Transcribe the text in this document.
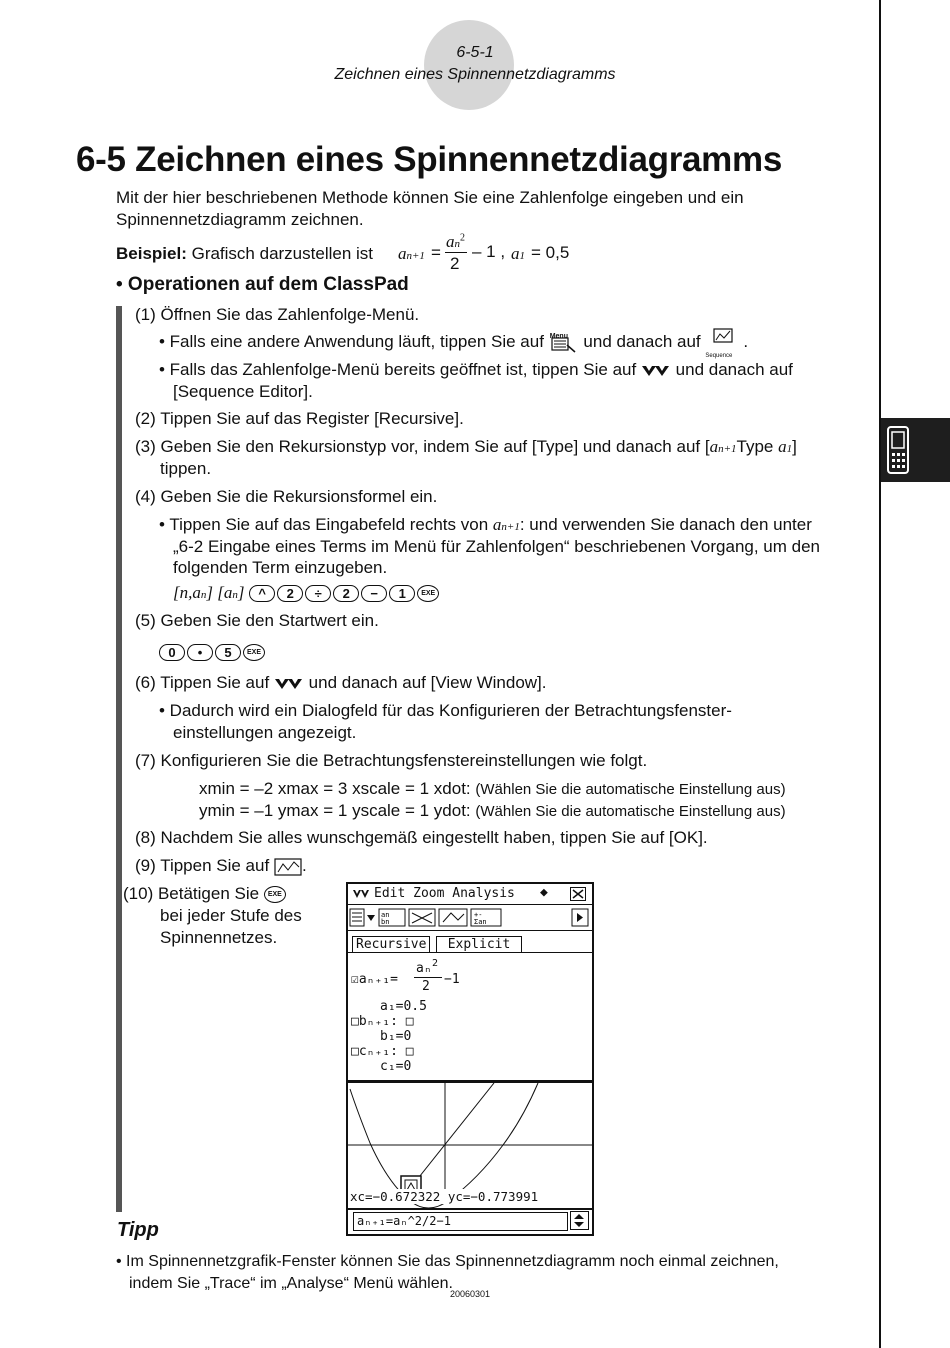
6-5-1
Zeichnen eines Spinnennetzdiagramms
6-5 Zeichnen eines Spinnennetzdiagramms
Mit der hier beschriebenen Methode können Sie eine Zahlenfolge eingeben und ein
Spinnennetzdiagramm zeichnen.
Beispiel: Grafisch darzustellen ist an+1 =
$an^2$
2
– 1 , a1 = 0,5
• Operationen auf dem ClassPad
(1) Öffnen Sie das Zahlenfolge-Menü.
• Falls eine andere Anwendung läuft, tippen Sie auf Menu und danach auf
Sequence
.
• Falls das Zahlenfolge-Menü bereits geöffnet ist, tippen Sie auf und danach auf
[Sequence Editor].
(2) Tippen Sie auf das Register [Recursive].
(3) Geben Sie den Rekursionstyp vor, indem Sie auf [Type] und danach auf [an+1Type a1]
tippen.
(4) Geben Sie die Rekursionsformel ein.
• Tippen Sie auf das Eingabefeld rechts von an+1: und verwenden Sie danach den unter
„6-2 Eingabe eines Terms im Menü für Zahlenfolgen“ beschriebenen Vorgang, um den
folgenden Term einzugeben.
[n,an] [an] ^ 2 ÷ 2 − 1 EXE
(5) Geben Sie den Startwert ein.
0 • 5 EXE
(6) Tippen Sie auf und danach auf [View Window].
• Dadurch wird ein Dialogfeld für das Konfigurieren der Betrachtungsfenster-
einstellungen angezeigt.
(7) Konfigurieren Sie die Betrachtungsfenstereinstellungen wie folgt.
xmin = –2 xmax = 3 xscale = 1 xdot: (Wählen Sie die automatische Einstellung aus)
ymin = –1 ymax = 1 yscale = 1 ydot: (Wählen Sie die automatische Einstellung aus)
(8) Nachdem Sie alles wunschgemäß eingestellt haben, tippen Sie auf [OK].
(9) Tippen Sie auf .
(10) Betätigen Sie EXE
bei jeder Stufe des
Spinnennetzes.
Edit Zoom Analysis ◆
an
bn
+-
Σan
Recursive	Explicit
☑aₙ₊₁=
aₙ 2
2 −1
a₁=0.5
□bₙ₊₁: □
b₁=0
□cₙ₊₁: □
c₁=0
xc=−0.672322 yc=−0.773991
aₙ₊₁=aₙ^2/2−1
Tipp
• Im Spinnennetzgrafik-Fenster können Sie das Spinnennetzdiagramm noch einmal zeichnen,
indem Sie „Trace“ im „Analyse“ Menü wählen.
20060301
